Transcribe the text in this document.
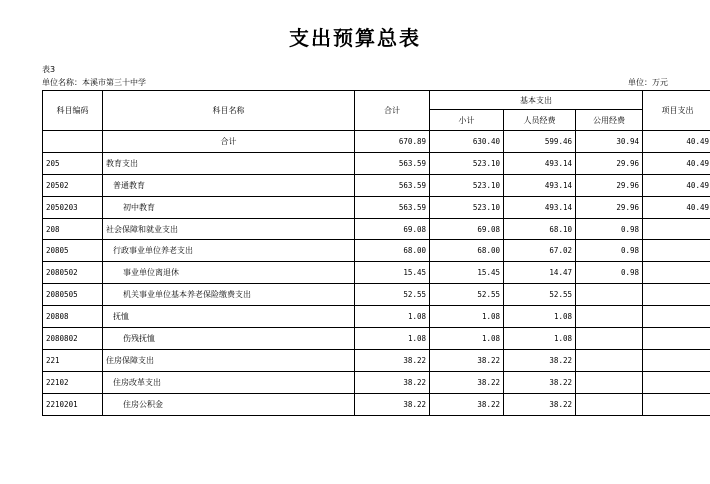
支出预算总表
表3
单位名称：本溪市第三十中学	单位：万元
科目编码	科目名称	合计	基本支出			项目支出
			小计	人员经费	公用经费	
	合计	670.89	630.40	599.46	30.94	40.49
205	教育支出	563.59	523.10	493.14	29.96	40.49
20502	普通教育	563.59	523.10	493.14	29.96	40.49
2050203	初中教育	563.59	523.10	493.14	29.96	40.49
208	社会保障和就业支出	69.08	69.08	68.10	0.98	
20805	行政事业单位养老支出	68.00	68.00	67.02	0.98	
2080502	事业单位离退休	15.45	15.45	14.47	0.98	
2080505	机关事业单位基本养老保险缴费支出	52.55	52.55	52.55		
20808	抚恤	1.08	1.08	1.08		
2080802	伤残抚恤	1.08	1.08	1.08		
221	住房保障支出	38.22	38.22	38.22		
22102	住房改革支出	38.22	38.22	38.22		
2210201	住房公积金	38.22	38.22	38.22		
